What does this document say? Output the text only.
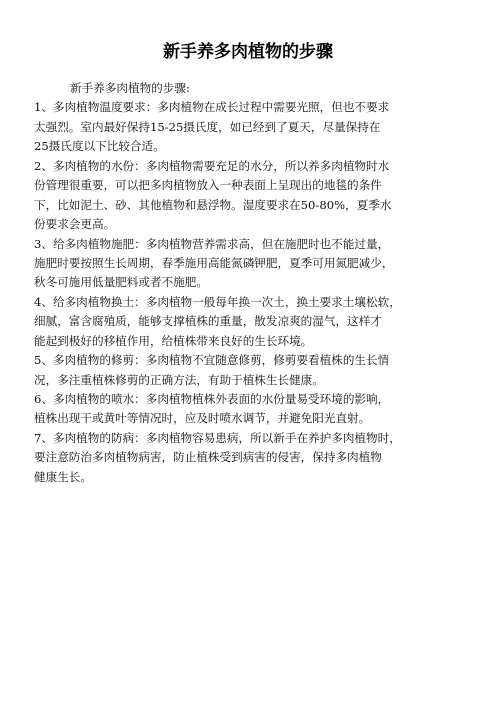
新手养多肉植物的步骤
新手养多肉植物的步骤:
1、多肉植物温度要求：多肉植物在成长过程中需要光照，但也不要求
太强烈。室内最好保持15-25摄氏度，如已经到了夏天，尽量保持在
25摄氏度以下比较合适。
2、多肉植物的水份：多肉植物需要充足的水分，所以养多肉植物时水
份管理很重要，可以把多肉植物放入一种表面上呈现出的地毯的条件
下，比如泥土、砂、其他植物和悬浮物。湿度要求在50-80%，夏季水
份要求会更高。
3、给多肉植物施肥：多肉植物营养需求高，但在施肥时也不能过量，
施肥时要按照生长周期，春季施用高能氮磷钾肥，夏季可用氮肥减少，
秋冬可施用低量肥料或者不施肥。
4、给多肉植物换土：多肉植物一般每年换一次土，换土要求土壤松软，
细腻，富含腐殖质，能够支撑植株的重量，散发凉爽的湿气，这样才
能起到极好的移植作用，给植株带来良好的生长环境。
5、多肉植物的修剪：多肉植物不宜随意修剪，修剪要看植株的生长情
况，多注重植株修剪的正确方法，有助于植株生长健康。
6、多肉植物的喷水：多肉植物植株外表面的水份量易受环境的影响，
植株出现干或黄叶等情况时，应及时喷水调节，并避免阳光直射。
7、多肉植物的防病：多肉植物容易患病，所以新手在养护多肉植物时，
要注意防治多肉植物病害，防止植株受到病害的侵害，保持多肉植物
健康生长。
